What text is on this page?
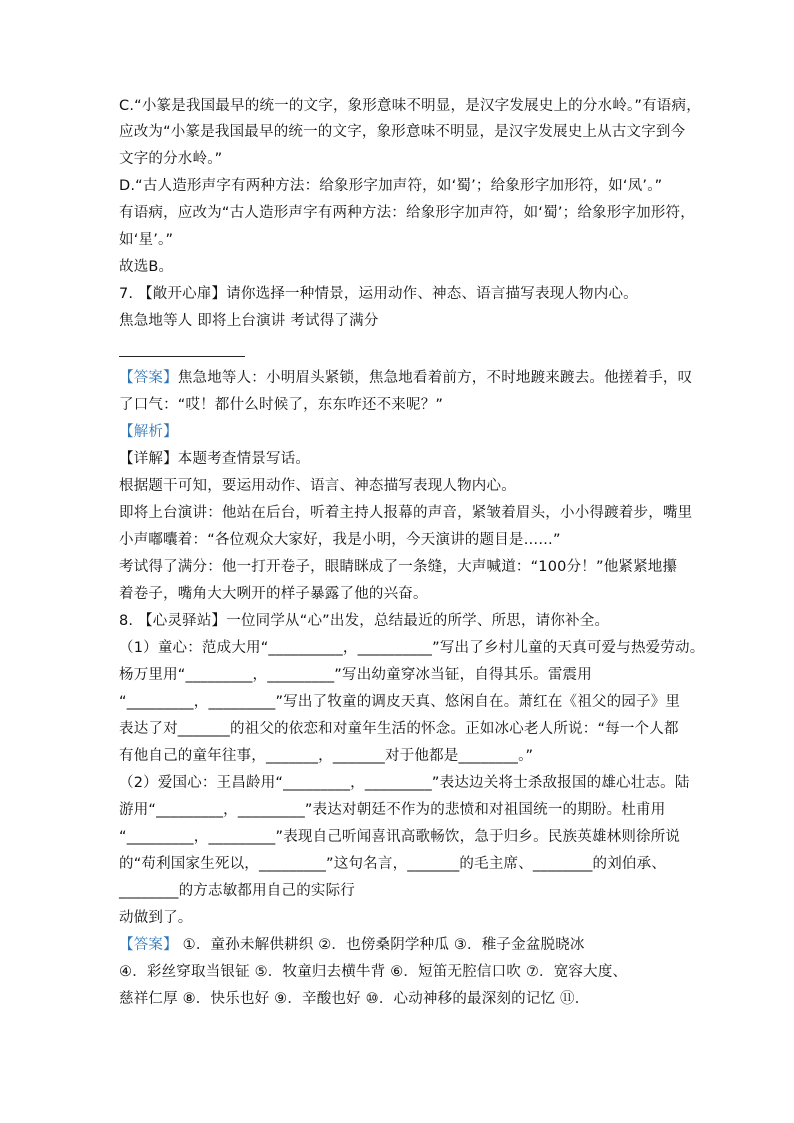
C.“小篆是我国最早的统一的文字，象形意味不明显，是汉字发展史上的分水岭。”有语病，
应改为“小篆是我国最早的统一的文字，象形意味不明显，是汉字发展史上从古文字到今
文字的分水岭。”
D.“古人造形声字有两种方法：给象形字加声符，如‘蜀’；给象形字加形符，如‘凤’。”
有语病，应改为“古人造形声字有两种方法：给象形字加声符，如‘蜀’；给象形字加形符，
如‘星’。”
故选B。
7. 【敞开心扉】请你选择一种情景，运用动作、神态、语言描写表现人物内心。
焦急地等人 即将上台演讲 考试得了满分
【答案】焦急地等人：小明眉头紧锁，焦急地看着前方，不时地踱来踱去。他搓着手，叹
了口气：“哎！都什么时候了，东东咋还不来呢？”
【解析】
【详解】本题考查情景写话。
根据题干可知，要运用动作、语言、神态描写表现人物内心。
即将上台演讲：他站在后台，听着主持人报幕的声音，紧皱着眉头，小小得踱着步，嘴里
小声嘟囔着：“各位观众大家好，我是小明，今天演讲的题目是……”
考试得了满分：他一打开卷子，眼睛眯成了一条缝，大声喊道：“100分！”他紧紧地攥
着卷子，嘴角大大咧开的样子暴露了他的兴奋。
8. 【心灵驿站】一位同学从“心”出发，总结最近的所学、所思，请你补全。
（1）童心：范成大用“__________，__________”写出了乡村儿童的天真可爱与热爱劳动。
杨万里用“_________，_________”写出幼童穿冰当钲，自得其乐。雷震用
“_________，_________”写出了牧童的调皮天真、悠闲自在。萧红在《祖父的园子》里
表达了对_______的祖父的依恋和对童年生活的怀念。正如冰心老人所说：“每一个人都
有他自己的童年往事，_______，_______对于他都是________。”
（2）爱国心：王昌龄用“_________，_________”表达边关将士杀敌报国的雄心壮志。陆
游用“_________，_________”表达对朝廷不作为的悲愤和对祖国统一的期盼。杜甫用
“_________，_________”表现自己听闻喜讯高歌畅饮，急于归乡。民族英雄林则徐所说
的“苟利国家生死以，_________”这句名言，_______的毛主席、________的刘伯承、
________的方志敏都用自己的实际行
动做到了。
【答案】 ①．童孙未解供耕织 ②．也傍桑阴学种瓜 ③．稚子金盆脱晓冰
④．彩丝穿取当银钲 ⑤．牧童归去横牛背 ⑥．短笛无腔信口吹 ⑦．宽容大度、
慈祥仁厚 ⑧．快乐也好 ⑨．辛酸也好 ⑩．心动神移的最深刻的记忆 ⑪．
